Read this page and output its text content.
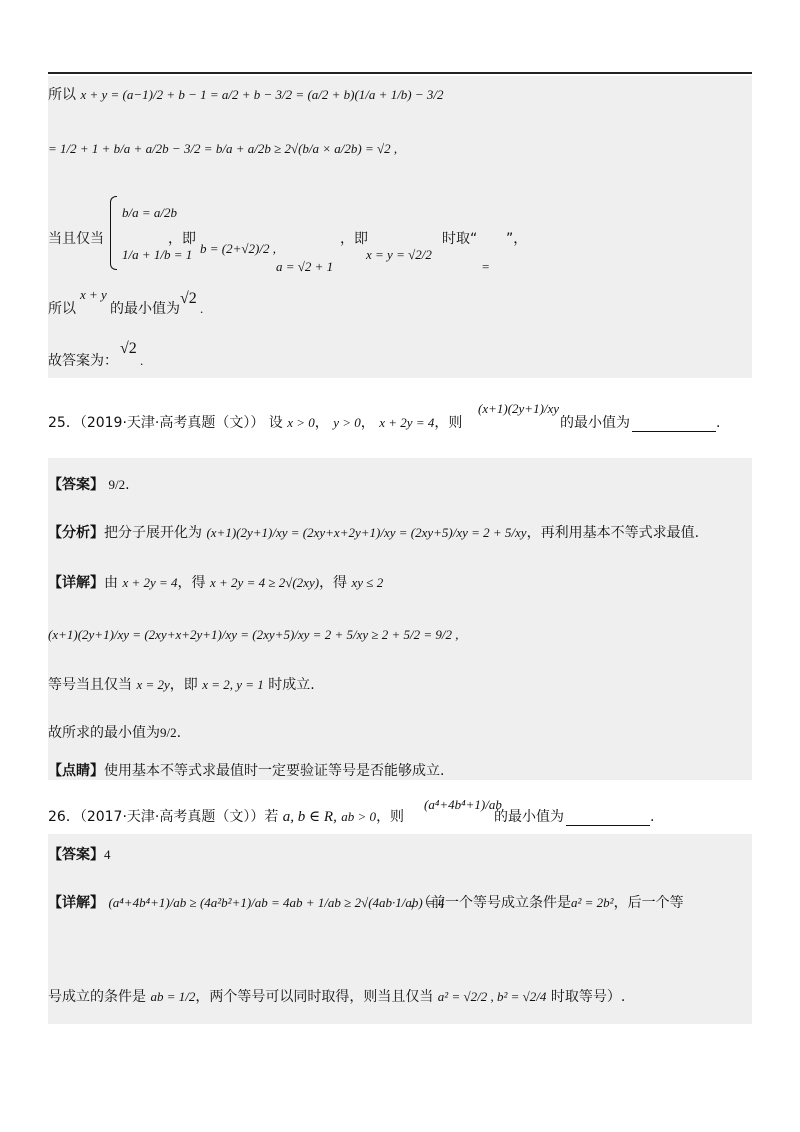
所以 x + y = (a−1)/2 + b − 1 = a/2 + b − 3/2 = (a/2 + b)(1/a + 1/b) − 3/2
= 1/2 + 1 + b/a + a/2b − 3/2 = b/a + a/2b ≥ 2√(b/a × a/2b) = √2 ,
当且仅当
b/a = a/2b
1/a + 1/b = 1
，即
b = (2+√2)/2 ,
a = √2 + 1
，即
x = y = √2/2
时取“ ”，
=
所以
x + y
的最小值为
√2
.
故答案为：
√2
.
25．（2019·天津·高考真题（文）） 设 x > 0， y > 0， x + 2y = 4，则
(x+1)(2y+1)/xy
的最小值为	.
【答案】 9/2.
【分析】把分子展开化为 (x+1)(2y+1)/xy = (2xy+x+2y+1)/xy = (2xy+5)/xy = 2 + 5/xy，再利用基本不等式求最值.
【详解】由 x + 2y = 4，得 x + 2y = 4 ≥ 2√(2xy)，得 xy ≤ 2
(x+1)(2y+1)/xy = (2xy+x+2y+1)/xy = (2xy+5)/xy = 2 + 5/xy ≥ 2 + 5/2 = 9/2 ,
等号当且仅当 x = 2y，即 x = 2, y = 1 时成立.
故所求的最小值为9/2.
【点睛】使用基本不等式求最值时一定要验证等号是否能够成立.
26．（2017·天津·高考真题（文））若 a, b ∈ R, ab > 0，则
(a⁴+4b⁴+1)/ab
的最小值为	.
【答案】4
【详解】 (a⁴+4b⁴+1)/ab ≥ (4a²b²+1)/ab = 4ab + 1/ab ≥ 2√(4ab·1/ab) = 4
，（前一个等号成立条件是a² = 2b²，后一个等
号成立的条件是 ab = 1/2，两个等号可以同时取得，则当且仅当 a² = √2/2 , b² = √2/4 时取等号）.
